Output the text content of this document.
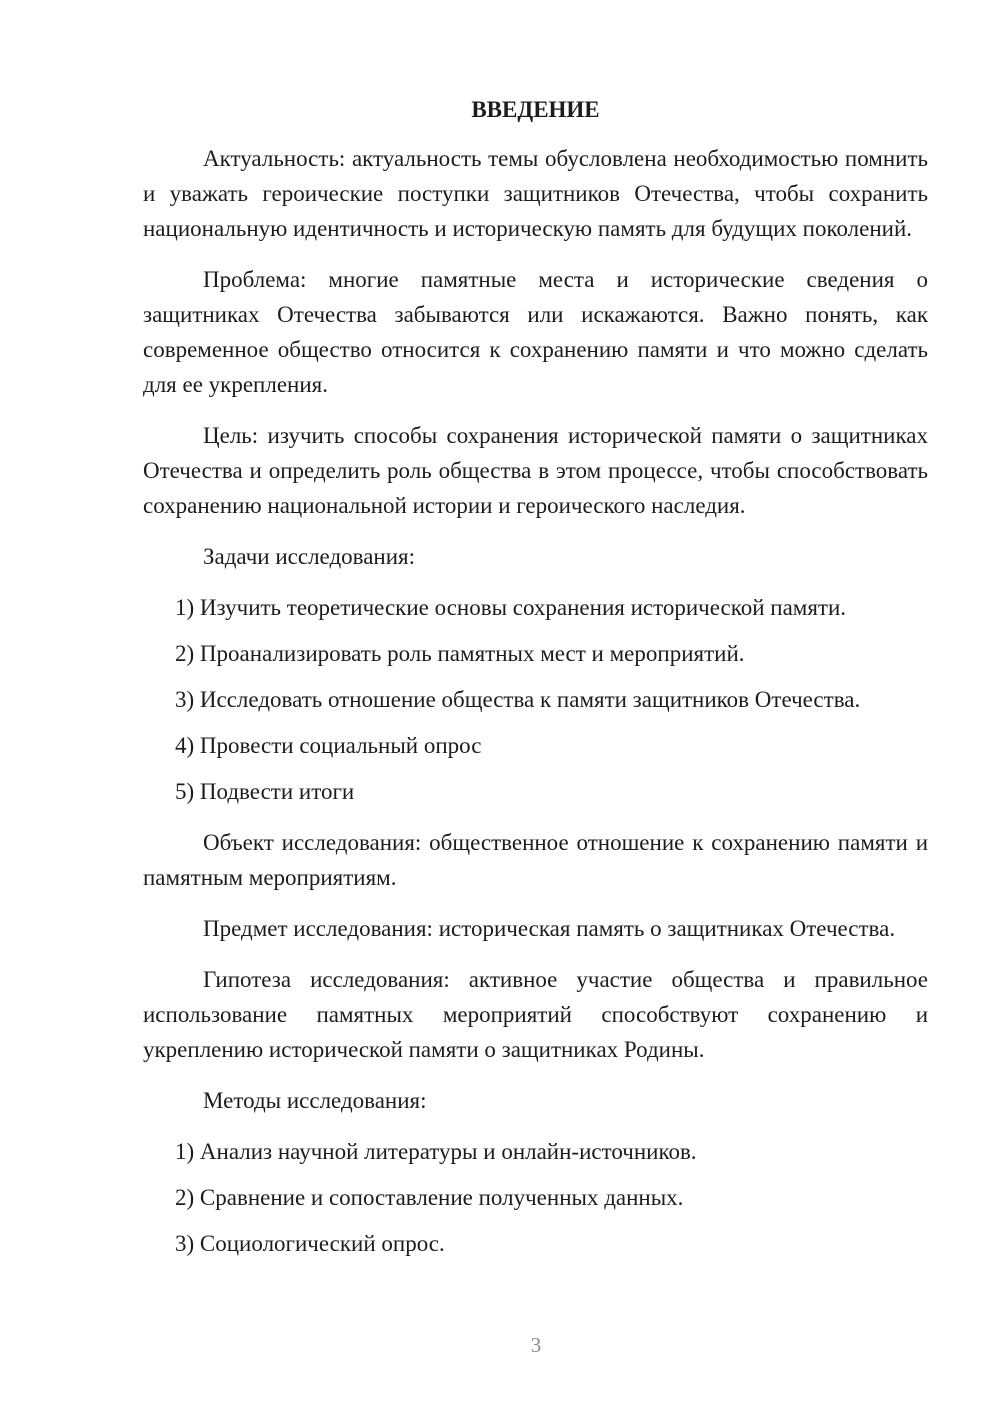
ВВЕДЕНИЕ

Актуальность: актуальность темы обусловлена необходимостью помнить и уважать героические поступки защитников Отечества, чтобы сохранить национальную идентичность и историческую память для будущих поколений.

Проблема: многие памятные места и исторические сведения о защитниках Отечества забываются или искажаются. Важно понять, как современное общество относится к сохранению памяти и что можно сделать для ее укрепления.

Цель: изучить способы сохранения исторической памяти о защитниках Отечества и определить роль общества в этом процессе, чтобы способствовать сохранению национальной истории и героического наследия.

Задачи исследования:

1) Изучить теоретические основы сохранения исторической памяти.
2) Проанализировать роль памятных мест и мероприятий.
3) Исследовать отношение общества к памяти защитников Отечества.
4) Провести социальный опрос
5) Подвести итоги

Объект исследования: общественное отношение к сохранению памяти и памятным мероприятиям.

Предмет исследования: историческая память о защитниках Отечества.

Гипотеза исследования: активное участие общества и правильное использование памятных мероприятий способствуют сохранению и укреплению исторической памяти о защитниках Родины.

Методы исследования:

1) Анализ научной литературы и онлайн-источников.
2) Сравнение и сопоставление полученных данных.
3) Социологический опрос.
3
